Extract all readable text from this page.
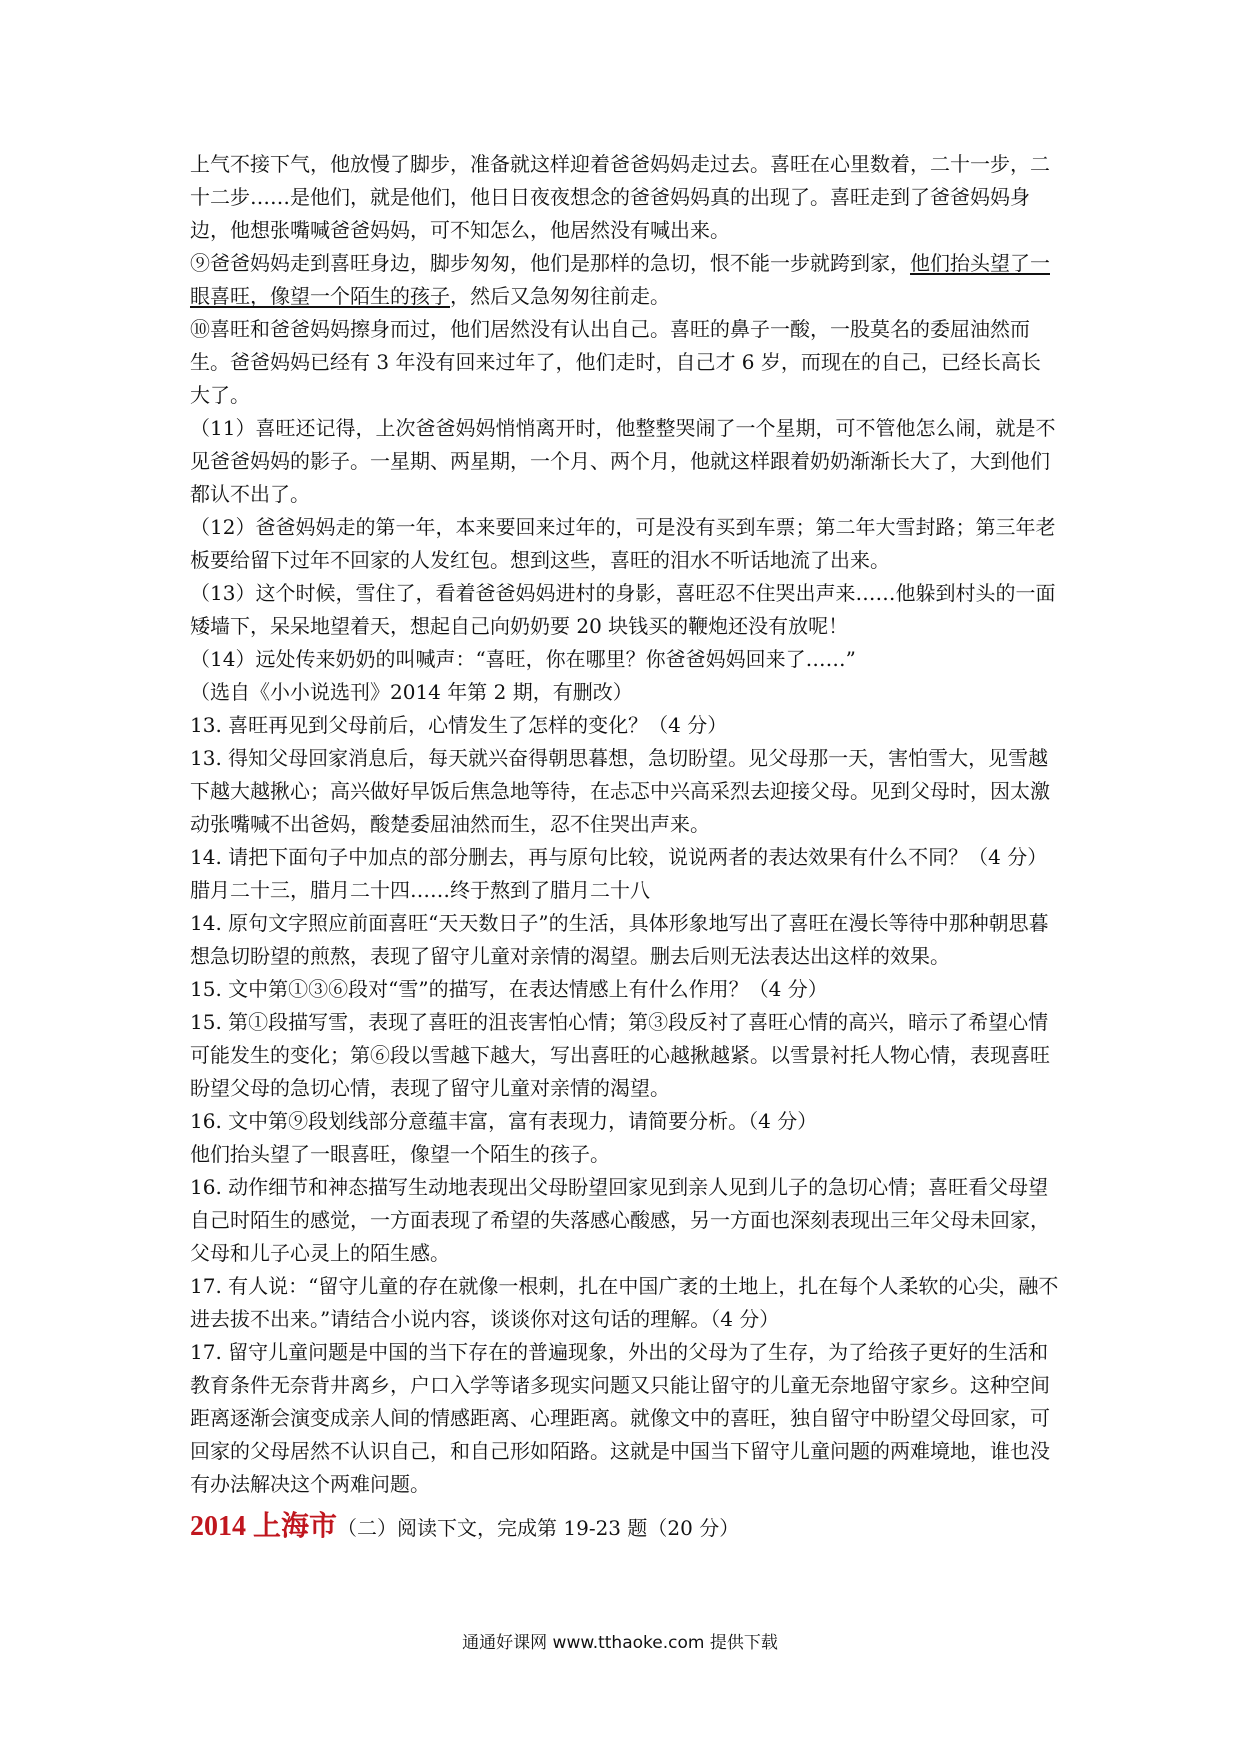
上气不接下气，他放慢了脚步，准备就这样迎着爸爸妈妈走过去。喜旺在心里数着，二十一步，二十二步……是他们，就是他们，他日日夜夜想念的爸爸妈妈真的出现了。喜旺走到了爸爸妈妈身边，他想张嘴喊爸爸妈妈，可不知怎么，他居然没有喊出来。

⑨爸爸妈妈走到喜旺身边，脚步匆匆，他们是那样的急切，恨不能一步就跨到家，他们抬头望了一眼喜旺，像望一个陌生的孩子，然后又急匆匆往前走。

⑩喜旺和爸爸妈妈擦身而过，他们居然没有认出自己。喜旺的鼻子一酸，一股莫名的委屈油然而生。爸爸妈妈已经有 3 年没有回来过年了，他们走时，自己才 6 岁，而现在的自己，已经长高长大了。

（11）喜旺还记得，上次爸爸妈妈悄悄离开时，他整整哭闹了一个星期，可不管他怎么闹，就是不见爸爸妈妈的影子。一星期、两星期，一个月、两个月，他就这样跟着奶奶渐渐长大了，大到他们都认不出了。

（12）爸爸妈妈走的第一年，本来要回来过年的，可是没有买到车票；第二年大雪封路；第三年老板要给留下过年不回家的人发红包。想到这些，喜旺的泪水不听话地流了出来。

（13）这个时候，雪住了，看着爸爸妈妈进村的身影，喜旺忍不住哭出声来……他躲到村头的一面矮墙下，呆呆地望着天，想起自己向奶奶要 20 块钱买的鞭炮还没有放呢！

（14）远处传来奶奶的叫喊声：“喜旺，你在哪里？你爸爸妈妈回来了……”

（选自《小小说选刊》2014 年第 2 期，有删改）

13. 喜旺再见到父母前后，心情发生了怎样的变化？（4 分）

13. 得知父母回家消息后，每天就兴奋得朝思暮想，急切盼望。见父母那一天，害怕雪大，见雪越下越大越揪心；高兴做好早饭后焦急地等待，在忐忑中兴高采烈去迎接父母。见到父母时，因太激动张嘴喊不出爸妈，酸楚委屈油然而生，忍不住哭出声来。

14. 请把下面句子中加点的部分删去，再与原句比较，说说两者的表达效果有什么不同？（4 分）

腊月二十三，腊月二十四……终于熬到了腊月二十八

14. 原句文字照应前面喜旺“天天数日子”的生活，具体形象地写出了喜旺在漫长等待中那种朝思暮想急切盼望的煎熬，表现了留守儿童对亲情的渴望。删去后则无法表达出这样的效果。

15. 文中第①③⑥段对“雪”的描写，在表达情感上有什么作用？（4 分）

15. 第①段描写雪，表现了喜旺的沮丧害怕心情；第③段反衬了喜旺心情的高兴，暗示了希望心情可能发生的变化；第⑥段以雪越下越大，写出喜旺的心越揪越紧。以雪景衬托人物心情，表现喜旺盼望父母的急切心情，表现了留守儿童对亲情的渴望。

16. 文中第⑨段划线部分意蕴丰富，富有表现力，请简要分析。（4 分）

他们抬头望了一眼喜旺，像望一个陌生的孩子。

16. 动作细节和神态描写生动地表现出父母盼望回家见到亲人见到儿子的急切心情；喜旺看父母望自己时陌生的感觉，一方面表现了希望的失落感心酸感，另一方面也深刻表现出三年父母未回家，父母和儿子心灵上的陌生感。

17. 有人说：“留守儿童的存在就像一根刺，扎在中国广袤的土地上，扎在每个人柔软的心尖，融不进去拔不出来。”请结合小说内容，谈谈你对这句话的理解。（4 分）

17. 留守儿童问题是中国的当下存在的普遍现象，外出的父母为了生存，为了给孩子更好的生活和教育条件无奈背井离乡，户口入学等诸多现实问题又只能让留守的儿童无奈地留守家乡。这种空间距离逐渐会演变成亲人间的情感距离、心理距离。就像文中的喜旺，独自留守中盼望父母回家，可回家的父母居然不认识自己，和自己形如陌路。这就是中国当下留守儿童问题的两难境地，谁也没有办法解决这个两难问题。

2014 上海市（二）阅读下文，完成第 19-23 题（20 分）

通通好课网 www.tthaoke.com 提供下载
